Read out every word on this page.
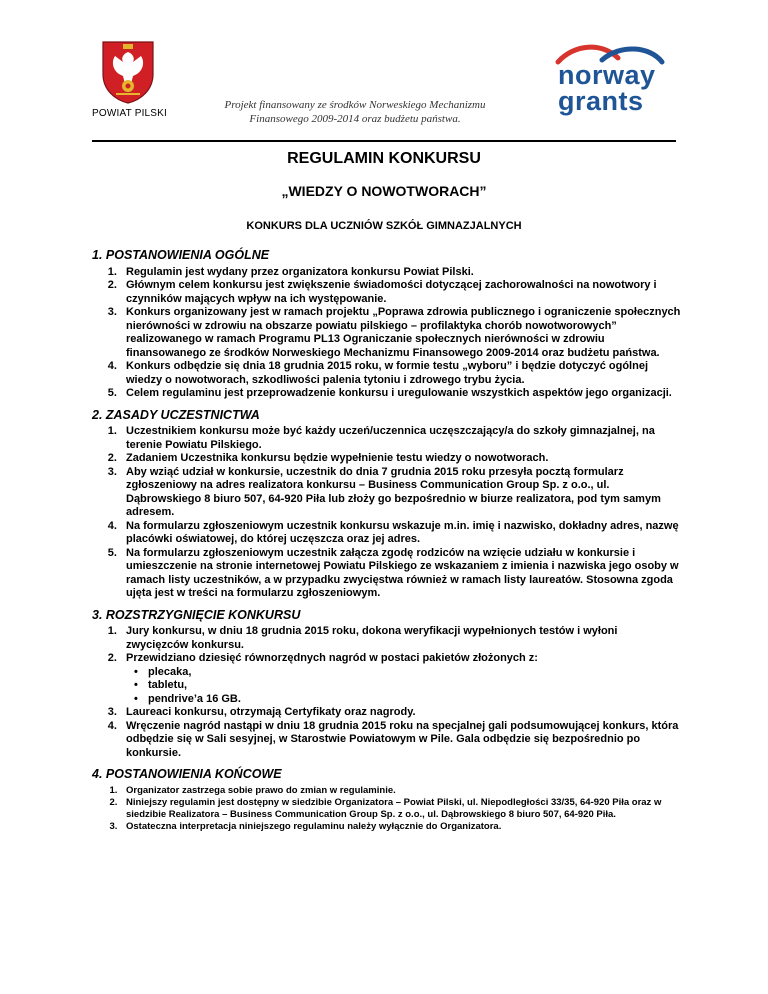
POWIAT PILSKI
Projekt finansowany ze środków Norweskiego Mechanizmu
Finansowego 2009-2014 oraz budżetu państwa.
norway
grants
REGULAMIN KONKURSU
„WIEDZY O NOWOTWORACH”
KONKURS DLA UCZNIÓW SZKÓŁ GIMNAZJALNYCH
1. POSTANOWIENIA OGÓLNE
1. Regulamin jest wydany przez organizatora konkursu Powiat Pilski.
2. Głównym celem konkursu jest zwiększenie świadomości dotyczącej zachorowalności na nowotwory i czynników mających wpływ na ich występowanie.
3. Konkurs organizowany jest w ramach projektu „Poprawa zdrowia publicznego i ograniczenie społecznych nierówności w zdrowiu na obszarze powiatu pilskiego – profilaktyka chorób nowotworowych” realizowanego w ramach Programu PL13 Ograniczanie społecznych nierówności w zdrowiu finansowanego ze środków Norweskiego Mechanizmu Finansowego 2009-2014 oraz budżetu państwa.
4. Konkurs odbędzie się dnia 18 grudnia 2015 roku, w formie testu „wyboru” i będzie dotyczyć ogólnej wiedzy o nowotworach, szkodliwości palenia tytoniu i zdrowego trybu życia.
5. Celem regulaminu jest przeprowadzenie konkursu i uregulowanie wszystkich aspektów jego organizacji.
2. ZASADY UCZESTNICTWA
1. Uczestnikiem konkursu może być każdy uczeń/uczennica uczęszczający/a do szkoły gimnazjalnej, na terenie Powiatu Pilskiego.
2. Zadaniem Uczestnika konkursu będzie wypełnienie testu wiedzy o nowotworach.
3. Aby wziąć udział w konkursie, uczestnik do dnia 7 grudnia 2015 roku przesyła pocztą formularz zgłoszeniowy na adres realizatora konkursu – Business Communication Group Sp. z o.o., ul. Dąbrowskiego 8 biuro 507, 64-920 Piła lub złoży go bezpośrednio w biurze realizatora, pod tym samym adresem.
4. Na formularzu zgłoszeniowym uczestnik konkursu wskazuje m.in. imię i nazwisko, dokładny adres, nazwę placówki oświatowej, do której uczęszcza oraz jej adres.
5. Na formularzu zgłoszeniowym uczestnik załącza zgodę rodziców na wzięcie udziału w konkursie i umieszczenie na stronie internetowej Powiatu Pilskiego ze wskazaniem z imienia i nazwiska jego osoby w ramach listy uczestników, a w przypadku zwycięstwa również w ramach listy laureatów. Stosowna zgoda ujęta jest w treści na formularzu zgłoszeniowym.
3. ROZSTRZYGNIĘCIE KONKURSU
1. Jury konkursu, w dniu 18 grudnia 2015 roku, dokona weryfikacji wypełnionych testów i wyłoni zwycięzców konkursu.
2. Przewidziano dziesięć równorzędnych nagród w postaci pakietów złożonych z:
• plecaka,
• tabletu,
• pendrive’a 16 GB.
3. Laureaci konkursu, otrzymają Certyfikaty oraz nagrody.
4. Wręczenie nagród nastąpi w dniu 18 grudnia 2015 roku na specjalnej gali podsumowującej konkurs, która odbędzie się w Sali sesyjnej, w Starostwie Powiatowym w Pile. Gala odbędzie się bezpośrednio po konkursie.
4. POSTANOWIENIA KOŃCOWE
1. Organizator zastrzega sobie prawo do zmian w regulaminie.
2. Niniejszy regulamin jest dostępny w siedzibie Organizatora – Powiat Pilski, ul. Niepodległości 33/35, 64-920 Piła oraz w siedzibie Realizatora – Business Communication Group Sp. z o.o., ul. Dąbrowskiego 8 biuro 507, 64-920 Piła.
3. Ostateczna interpretacja niniejszego regulaminu należy wyłącznie do Organizatora.
